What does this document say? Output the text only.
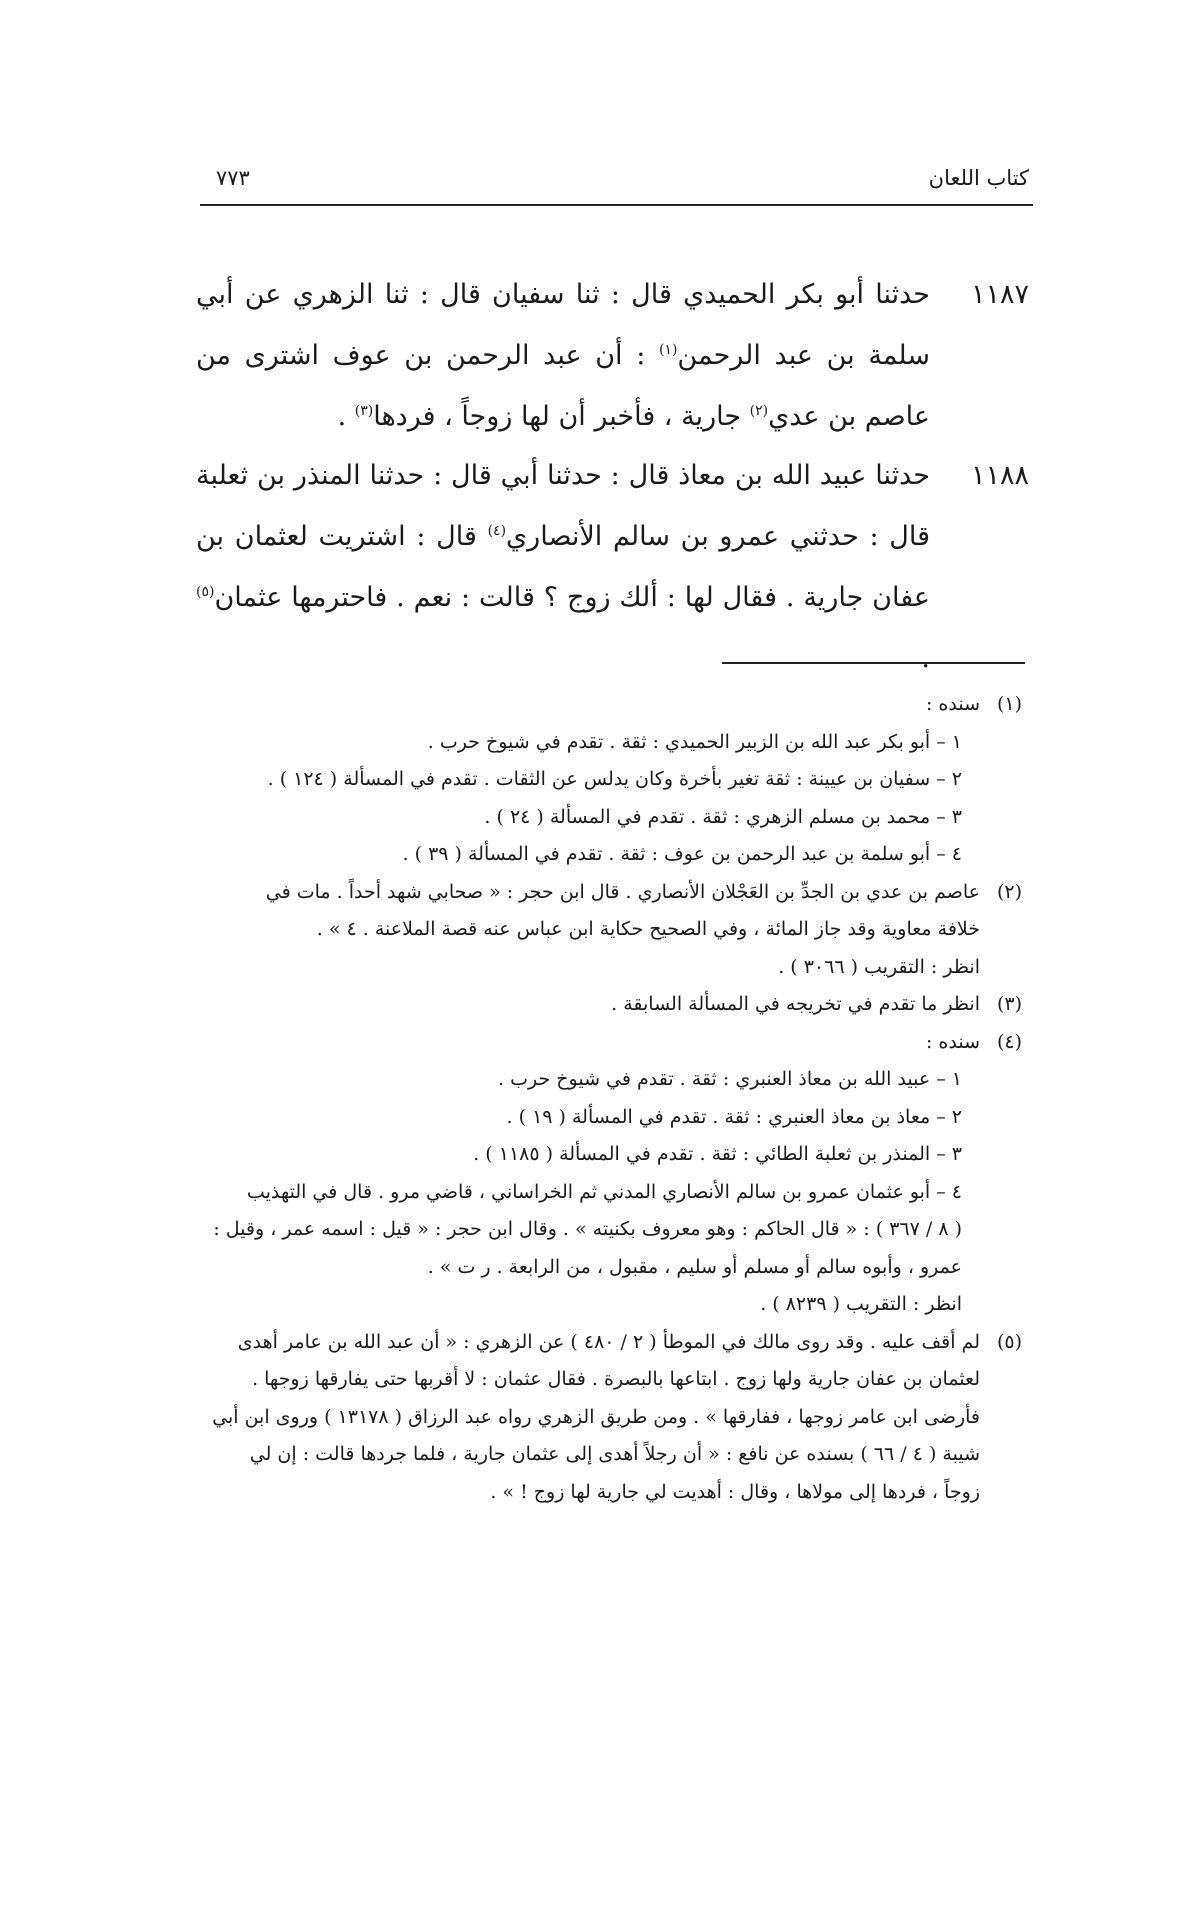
كتاب اللعان
٧٧٣
١١٨٧
حدثنا أبو بكر الحميدي قال : ثنا سفيان قال : ثنا الزهري عن أبي سلمة بن عبد الرحمن$^{(١)}$ : أن عبد الرحمن بن عوف اشترى من عاصم بن عدي$^{(٢)}$ جارية ، فأخبر أن لها زوجاً ، فردها$^{(٣)}$ .
١١٨٨
حدثنا عبيد الله بن معاذ قال : حدثنا أبي قال : حدثنا المنذر بن ثعلبة قال : حدثني عمرو بن سالم الأنصاري$^{(٤)}$ قال : اشتريت لعثمان بن عفان جارية . فقال لها : ألك زوج ؟ قالت : نعم . فاحترمها عثمان$^{(٥)}$ .
(١)
سنده :
١ – أبو بكر عبد الله بن الزبير الحميدي : ثقة . تقدم في شيوخ حرب .
٢ – سفيان بن عيينة : ثقة تغير بأخرة وكان يدلس عن الثقات . تقدم في المسألة ( ١٢٤ ) .
٣ – محمد بن مسلم الزهري : ثقة . تقدم في المسألة ( ٢٤ ) .
٤ – أبو سلمة بن عبد الرحمن بن عوف : ثقة . تقدم في المسألة ( ٣٩ ) .
(٢)
عاصم بن عدي بن الجدِّ بن العَجْلان الأنصاري . قال ابن حجر : « صحابي شهد أحداً . مات في
خلافة معاوية وقد جاز المائة ، وفي الصحيح حكاية ابن عباس عنه قصة الملاعنة . ٤ » .
انظر : التقريب ( ٣٠٦٦ ) .
(٣)
انظر ما تقدم في تخريجه في المسألة السابقة .
(٤)
سنده :
١ – عبيد الله بن معاذ العنبري : ثقة . تقدم في شيوخ حرب .
٢ – معاذ بن معاذ العنبري : ثقة . تقدم في المسألة ( ١٩ ) .
٣ – المنذر بن ثعلبة الطائي : ثقة . تقدم في المسألة ( ١١٨٥ ) .
٤ – أبو عثمان عمرو بن سالم الأنصاري المدني ثم الخراساني ، قاضي مرو . قال في التهذيب
( ٨ / ٣٦٧ ) : « قال الحاكم : وهو معروف بكنيته » . وقال ابن حجر : « قيل : اسمه عمر ، وقيل :
عمرو ، وأبوه سالم أو مسلم أو سليم ، مقبول ، من الرابعة . ر ت » .
انظر : التقريب ( ٨٢٣٩ ) .
(٥)
لم أقف عليه . وقد روى مالك في الموطأ ( ٢ / ٤٨٠ ) عن الزهري : « أن عبد الله بن عامر أهدى
لعثمان بن عفان جارية ولها زوج . ابتاعها بالبصرة . فقال عثمان : لا أقربها حتى يفارقها زوجها .
فأرضى ابن عامر زوجها ، ففارقها » . ومن طريق الزهري رواه عبد الرزاق ( ١٣١٧٨ ) وروى ابن أبي
شيبة ( ٤ / ٦٦ ) بسنده عن نافع : « أن رجلاً أهدى إلى عثمان جارية ، فلما جردها قالت : إن لي
زوجاً ، فردها إلى مولاها ، وقال : أهديت لي جارية لها زوج ! » .
